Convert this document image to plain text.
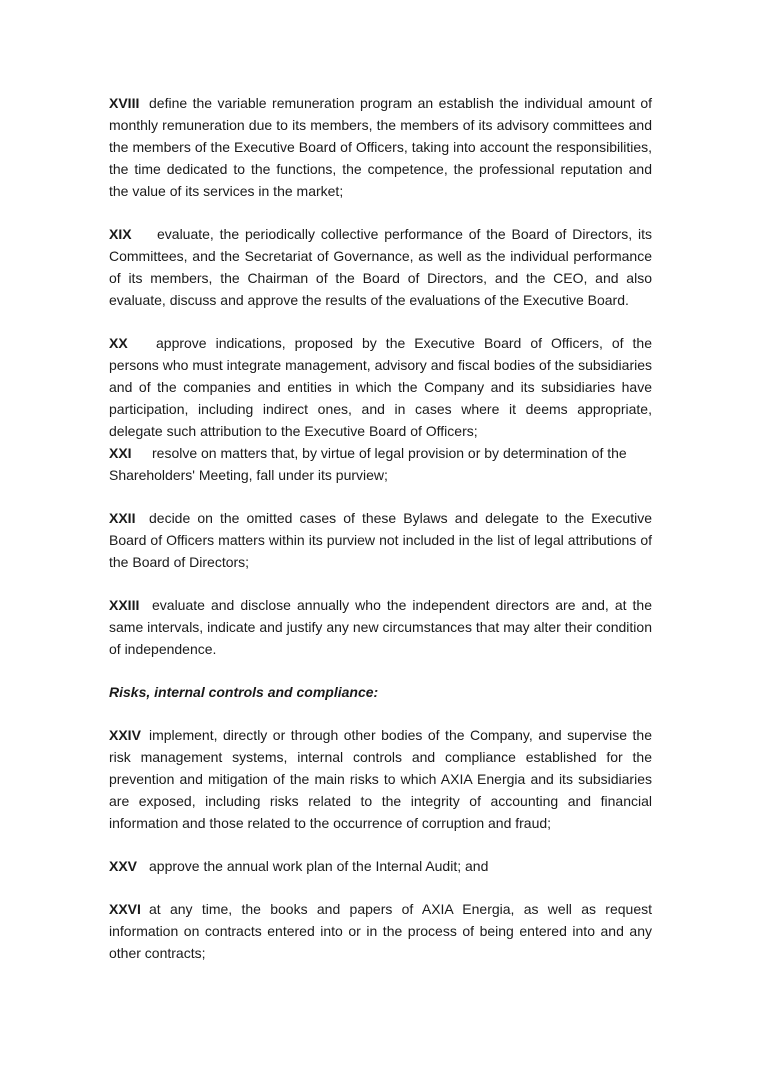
XVIII define the variable remuneration program an establish the individual amount of monthly remuneration due to its members, the members of its advisory committees and the members of the Executive Board of Officers, taking into account the responsibilities, the time dedicated to the functions, the competence, the professional reputation and the value of its services in the market;

XIX evaluate, the periodically collective performance of the Board of Directors, its Committees, and the Secretariat of Governance, as well as the individual performance of its members, the Chairman of the Board of Directors, and the CEO, and also evaluate, discuss and approve the results of the evaluations of the Executive Board.

XX approve indications, proposed by the Executive Board of Officers, of the persons who must integrate management, advisory and fiscal bodies of the subsidiaries and of the companies and entities in which the Company and its subsidiaries have participation, including indirect ones, and in cases where it deems appropriate, delegate such attribution to the Executive Board of Officers;

XXI resolve on matters that, by virtue of legal provision or by determination of the Shareholders' Meeting, fall under its purview;

XXII decide on the omitted cases of these Bylaws and delegate to the Executive Board of Officers matters within its purview not included in the list of legal attributions of the Board of Directors;

XXIII evaluate and disclose annually who the independent directors are and, at the same intervals, indicate and justify any new circumstances that may alter their condition of independence.

Risks, internal controls and compliance:

XXIV implement, directly or through other bodies of the Company, and supervise the risk management systems, internal controls and compliance established for the prevention and mitigation of the main risks to which AXIA Energia and its subsidiaries are exposed, including risks related to the integrity of accounting and financial information and those related to the occurrence of corruption and fraud;

XXV approve the annual work plan of the Internal Audit; and

XXVI at any time, the books and papers of AXIA Energia, as well as request information on contracts entered into or in the process of being entered into and any other contracts;
